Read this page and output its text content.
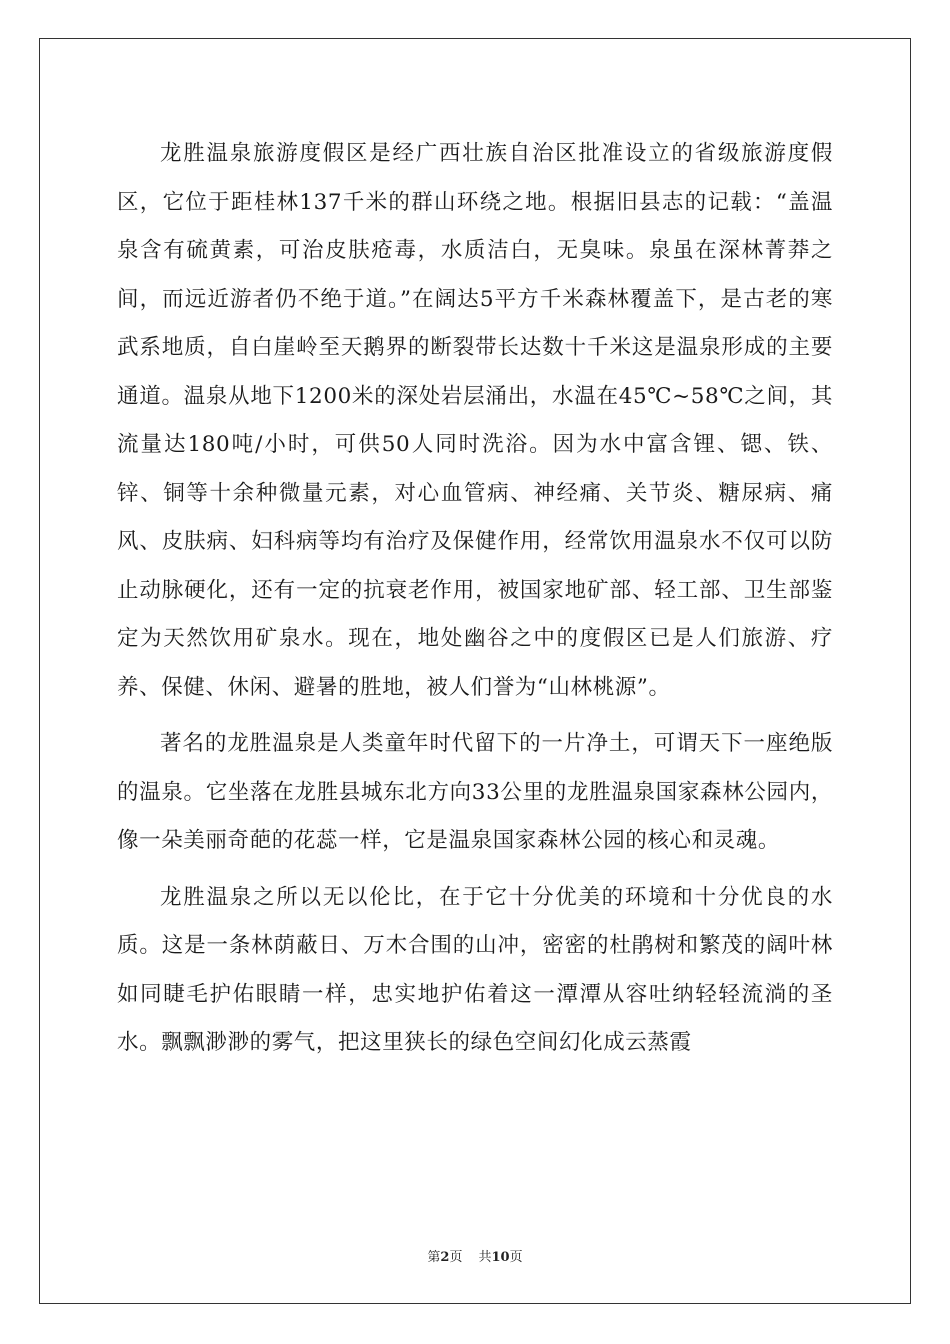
龙胜温泉旅游度假区是经广西壮族自治区批准设立的省级旅游度假区，它位于距桂林137千米的群山环绕之地。根据旧县志的记载：“盖温泉含有硫黄素，可治皮肤疮毒，水质洁白，无臭味。泉虽在深林菁莽之间，而远近游者仍不绝于道。”在阔达5平方千米森林覆盖下，是古老的寒武系地质，自白崖岭至天鹅界的断裂带长达数十千米这是温泉形成的主要通道。温泉从地下1200米的深处岩层涌出，水温在45℃~58℃之间，其流量达180吨/小时，可供50人同时洗浴。因为水中富含锂、锶、铁、锌、铜等十余种微量元素，对心血管病、神经痛、关节炎、糖尿病、痛风、皮肤病、妇科病等均有治疗及保健作用，经常饮用温泉水不仅可以防止动脉硬化，还有一定的抗衰老作用，被国家地矿部、轻工部、卫生部鉴定为天然饮用矿泉水。现在，地处幽谷之中的度假区已是人们旅游、疗养、保健、休闲、避暑的胜地，被人们誉为“山林桃源”。

著名的龙胜温泉是人类童年时代留下的一片净土，可谓天下一座绝版的温泉。它坐落在龙胜县城东北方向33公里的龙胜温泉国家森林公园内，像一朵美丽奇葩的花蕊一样，它是温泉国家森林公园的核心和灵魂。

龙胜温泉之所以无以伦比，在于它十分优美的环境和十分优良的水质。这是一条林荫蔽日、万木合围的山冲，密密的杜鹃树和繁茂的阔叶林如同睫毛护佑眼睛一样，忠实地护佑着这一潭潭从容吐纳轻轻流淌的圣水。飘飘渺渺的雾气，把这里狭长的绿色空间幻化成云蒸霞

第2页 共10页
